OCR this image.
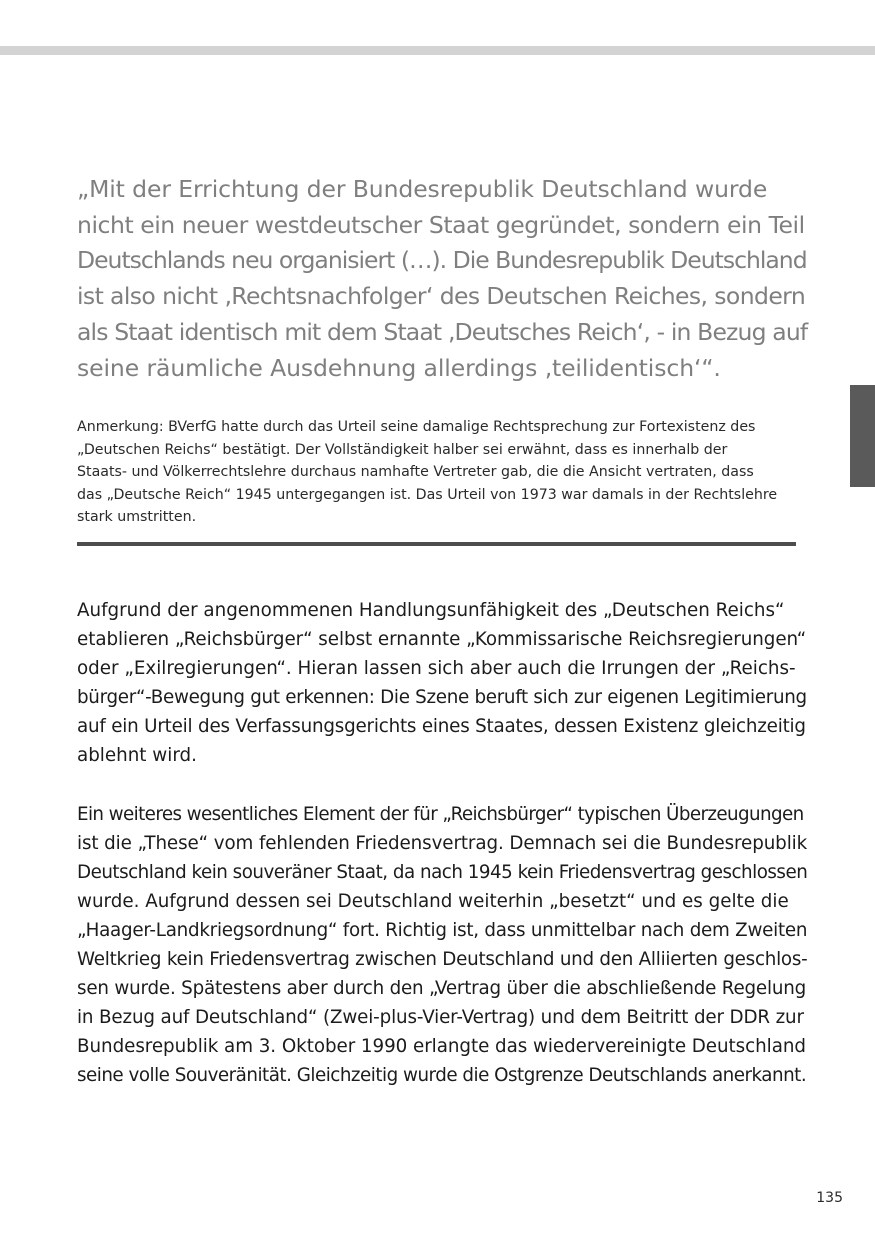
„Mit der Errichtung der Bundesrepublik Deutschland wurde
nicht ein neuer westdeutscher Staat gegründet, sondern ein Teil
Deutschlands neu organisiert (…). Die Bundesrepublik Deutschland
ist also nicht ‚Rechtsnachfolger‘ des Deutschen Reiches, sondern
als Staat identisch mit dem Staat ‚Deutsches Reich‘, - in Bezug auf
seine räumliche Ausdehnung allerdings ‚teilidentisch‘“.

Anmerkung: BVerfG hatte durch das Urteil seine damalige Rechtsprechung zur Fortexistenz des
„Deutschen Reichs“ bestätigt. Der Vollständigkeit halber sei erwähnt, dass es innerhalb der
Staats- und Völkerrechtslehre durchaus namhafte Vertreter gab, die die Ansicht vertraten, dass
das „Deutsche Reich“ 1945 untergegangen ist. Das Urteil von 1973 war damals in der Rechtslehre
stark umstritten.

Aufgrund der angenommenen Handlungsunfähigkeit des „Deutschen Reichs“
etablieren „Reichsbürger“ selbst ernannte „Kommissarische Reichsregierungen“
oder „Exilregierungen“. Hieran lassen sich aber auch die Irrungen der „Reichs-
bürger“-Bewegung gut erkennen: Die Szene beruft sich zur eigenen Legitimierung
auf ein Urteil des Verfassungsgerichts eines Staates, dessen Existenz gleichzeitig
ablehnt wird.

Ein weiteres wesentliches Element der für „Reichsbürger“ typischen Überzeugungen
ist die „These“ vom fehlenden Friedensvertrag. Demnach sei die Bundesrepublik
Deutschland kein souveräner Staat, da nach 1945 kein Friedensvertrag geschlossen
wurde. Aufgrund dessen sei Deutschland weiterhin „besetzt“ und es gelte die
„Haager-Landkriegsordnung“ fort. Richtig ist, dass unmittelbar nach dem Zweiten
Weltkrieg kein Friedensvertrag zwischen Deutschland und den Alliierten geschlos-
sen wurde. Spätestens aber durch den „Vertrag über die abschließende Regelung
in Bezug auf Deutschland“ (Zwei-plus-Vier-Vertrag) und dem Beitritt der DDR zur
Bundesrepublik am 3. Oktober 1990 erlangte das wiedervereinigte Deutschland
seine volle Souveränität. Gleichzeitig wurde die Ostgrenze Deutschlands anerkannt.

135
